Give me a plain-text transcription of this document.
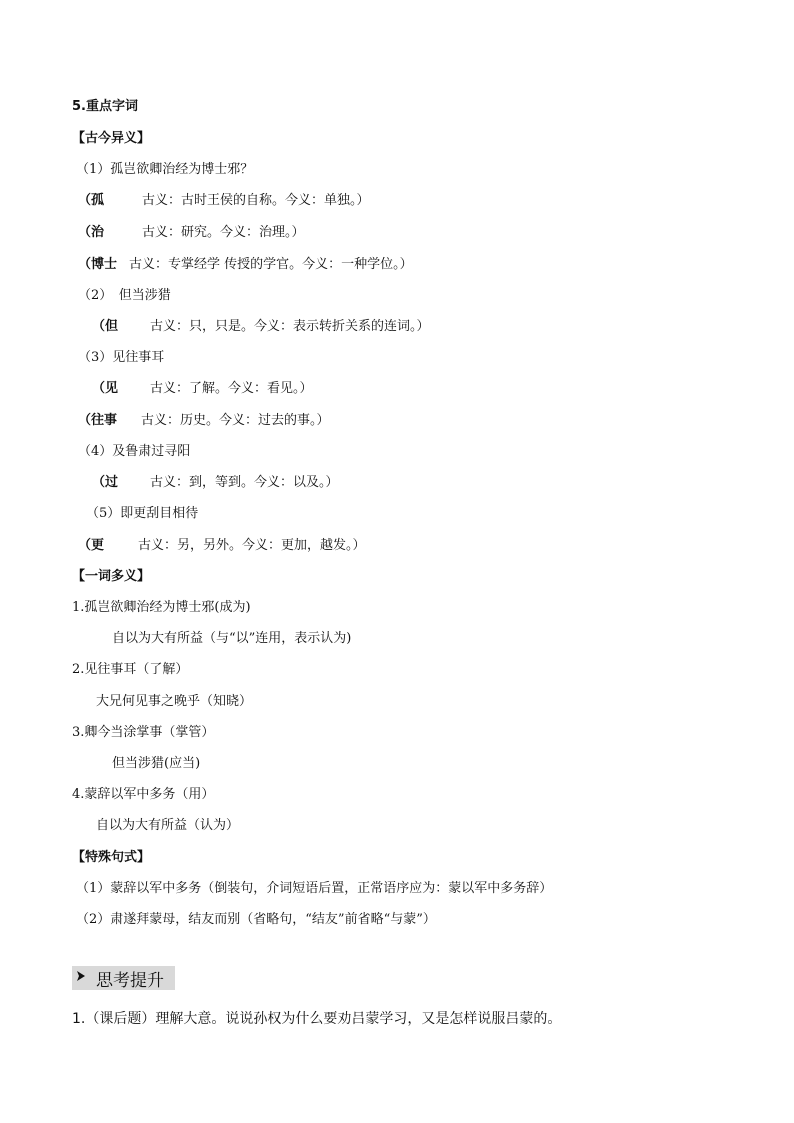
5.重点字词
【古今异义】
（1）孤岂欲卿治经为博士邪？
（孤	古义：古时王侯的自称。今义：单独。）
（治	古义：研究。今义：治理。）
（博士 古义：专掌经学 传授的学官。今义：一种学位。）
（2）　但当涉猎
（但 古义：只，只是。今义：表示转折关系的连词。）
（3）见往事耳
（见 古义：了解。今义：看见。）
（往事 古义：历史。今义：过去的事。）
（4）及鲁肃过寻阳
（过 古义：到，等到。今义：以及。）
（5）即更刮目相待
（更	古义：另，另外。今义：更加，越发。）
【一词多义】
1.孤岂欲卿治经为博士邪(成为)
自以为大有所益（与“以”连用，表示认为)
2.见往事耳（了解）
大兄何见事之晚乎（知晓）
3.卿今当涂掌事（掌管）
但当涉猎(应当)
4.蒙辞以军中多务（用）
自以为大有所益（认为）
【特殊句式】
（1）蒙辞以军中多务（倒装句，介词短语后置，正常语序应为：蒙以军中多务辞）
（2）肃遂拜蒙母，结友而别（省略句，“结友”前省略“与蒙”）
思考提升
1.（课后题）理解大意。说说孙权为什么要劝吕蒙学习，又是怎样说服吕蒙的。
